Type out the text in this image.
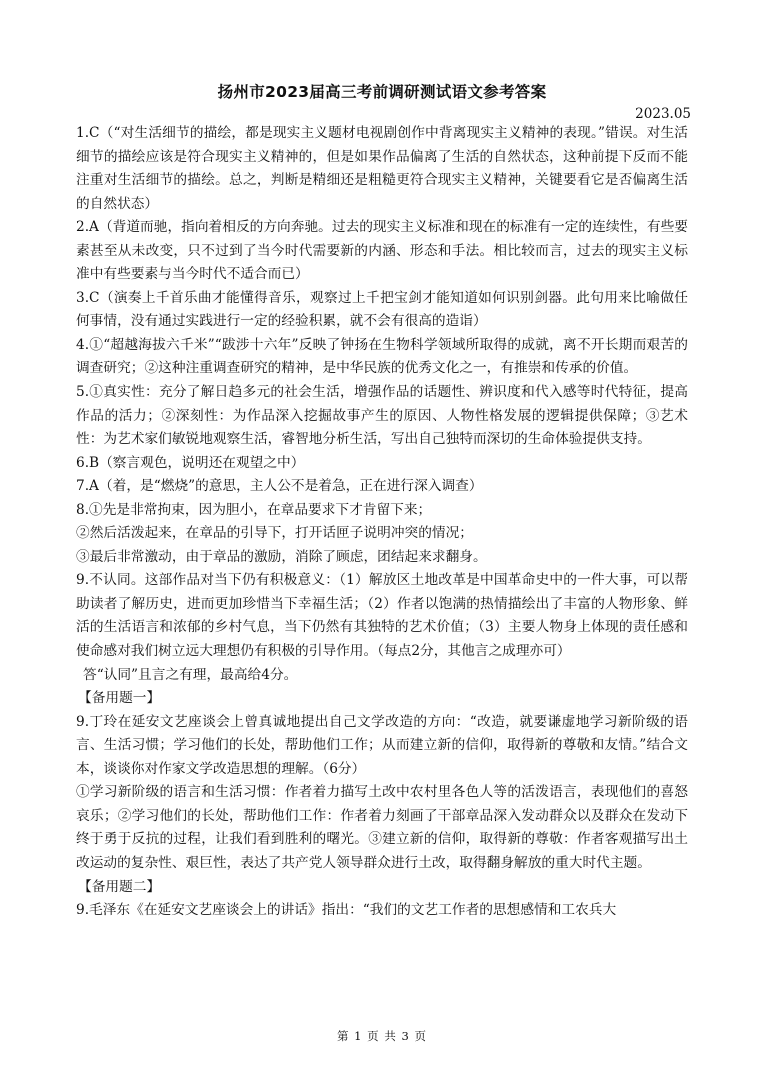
扬州市2023届高三考前调研测试语文参考答案
2023.05

1.C（“对生活细节的描绘，都是现实主义题材电视剧创作中背离现实主义精神的表现。”错误。对生活细节的描绘应该是符合现实主义精神的，但是如果作品偏离了生活的自然状态，这种前提下反而不能注重对生活细节的描绘。总之，判断是精细还是粗糙更符合现实主义精神，关键要看它是否偏离生活的自然状态）

2.A（背道而驰，指向着相反的方向奔驰。过去的现实主义标准和现在的标准有一定的连续性，有些要素甚至从未改变，只不过到了当今时代需要新的内涵、形态和手法。相比较而言，过去的现实主义标准中有些要素与当今时代不适合而已）

3.C（演奏上千首乐曲才能懂得音乐，观察过上千把宝剑才能知道如何识别剑器。此句用来比喻做任何事情，没有通过实践进行一定的经验积累，就不会有很高的造诣）

4.①“超越海拔六千米”“跋涉十六年”反映了钟扬在生物科学领域所取得的成就，离不开长期而艰苦的调查研究；②这种注重调查研究的精神，是中华民族的优秀文化之一，有推崇和传承的价值。

5.①真实性：充分了解日趋多元的社会生活，增强作品的话题性、辨识度和代入感等时代特征，提高作品的活力；②深刻性：为作品深入挖掘故事产生的原因、人物性格发展的逻辑提供保障；③艺术性：为艺术家们敏锐地观察生活，睿智地分析生活，写出自己独特而深切的生命体验提供支持。

6.B（察言观色，说明还在观望之中）

7.A（着，是“燃烧”的意思，主人公不是着急，正在进行深入调查）

8.①先是非常拘束，因为胆小，在章品要求下才肯留下来；

②然后活泼起来，在章品的引导下，打开话匣子说明冲突的情况；

③最后非常激动，由于章品的激励，消除了顾虑，团结起来求翻身。

9.不认同。这部作品对当下仍有积极意义：（1）解放区土地改革是中国革命史中的一件大事，可以帮助读者了解历史，进而更加珍惜当下幸福生活；（2）作者以饱满的热情描绘出了丰富的人物形象、鲜活的生活语言和浓郁的乡村气息，当下仍然有其独特的艺术价值；（3）主要人物身上体现的责任感和使命感对我们树立远大理想仍有积极的引导作用。（每点2分，其他言之成理亦可）

答“认同”且言之有理，最高给4分。

【备用题一】

9.丁玲在延安文艺座谈会上曾真诚地提出自己文学改造的方向：“改造，就要谦虚地学习新阶级的语言、生活习惯；学习他们的长处，帮助他们工作；从而建立新的信仰，取得新的尊敬和友情。”结合文本，谈谈你对作家文学改造思想的理解。（6分）

①学习新阶级的语言和生活习惯：作者着力描写土改中农村里各色人等的活泼语言，表现他们的喜怒哀乐；②学习他们的长处，帮助他们工作：作者着力刻画了干部章品深入发动群众以及群众在发动下终于勇于反抗的过程，让我们看到胜利的曙光。③建立新的信仰，取得新的尊敬：作者客观描写出土改运动的复杂性、艰巨性，表达了共产党人领导群众进行土改，取得翻身解放的重大时代主题。

【备用题二】

9.毛泽东《在延安文艺座谈会上的讲话》指出：“我们的文艺工作者的思想感情和工农兵大

第 1 页 共 3 页
